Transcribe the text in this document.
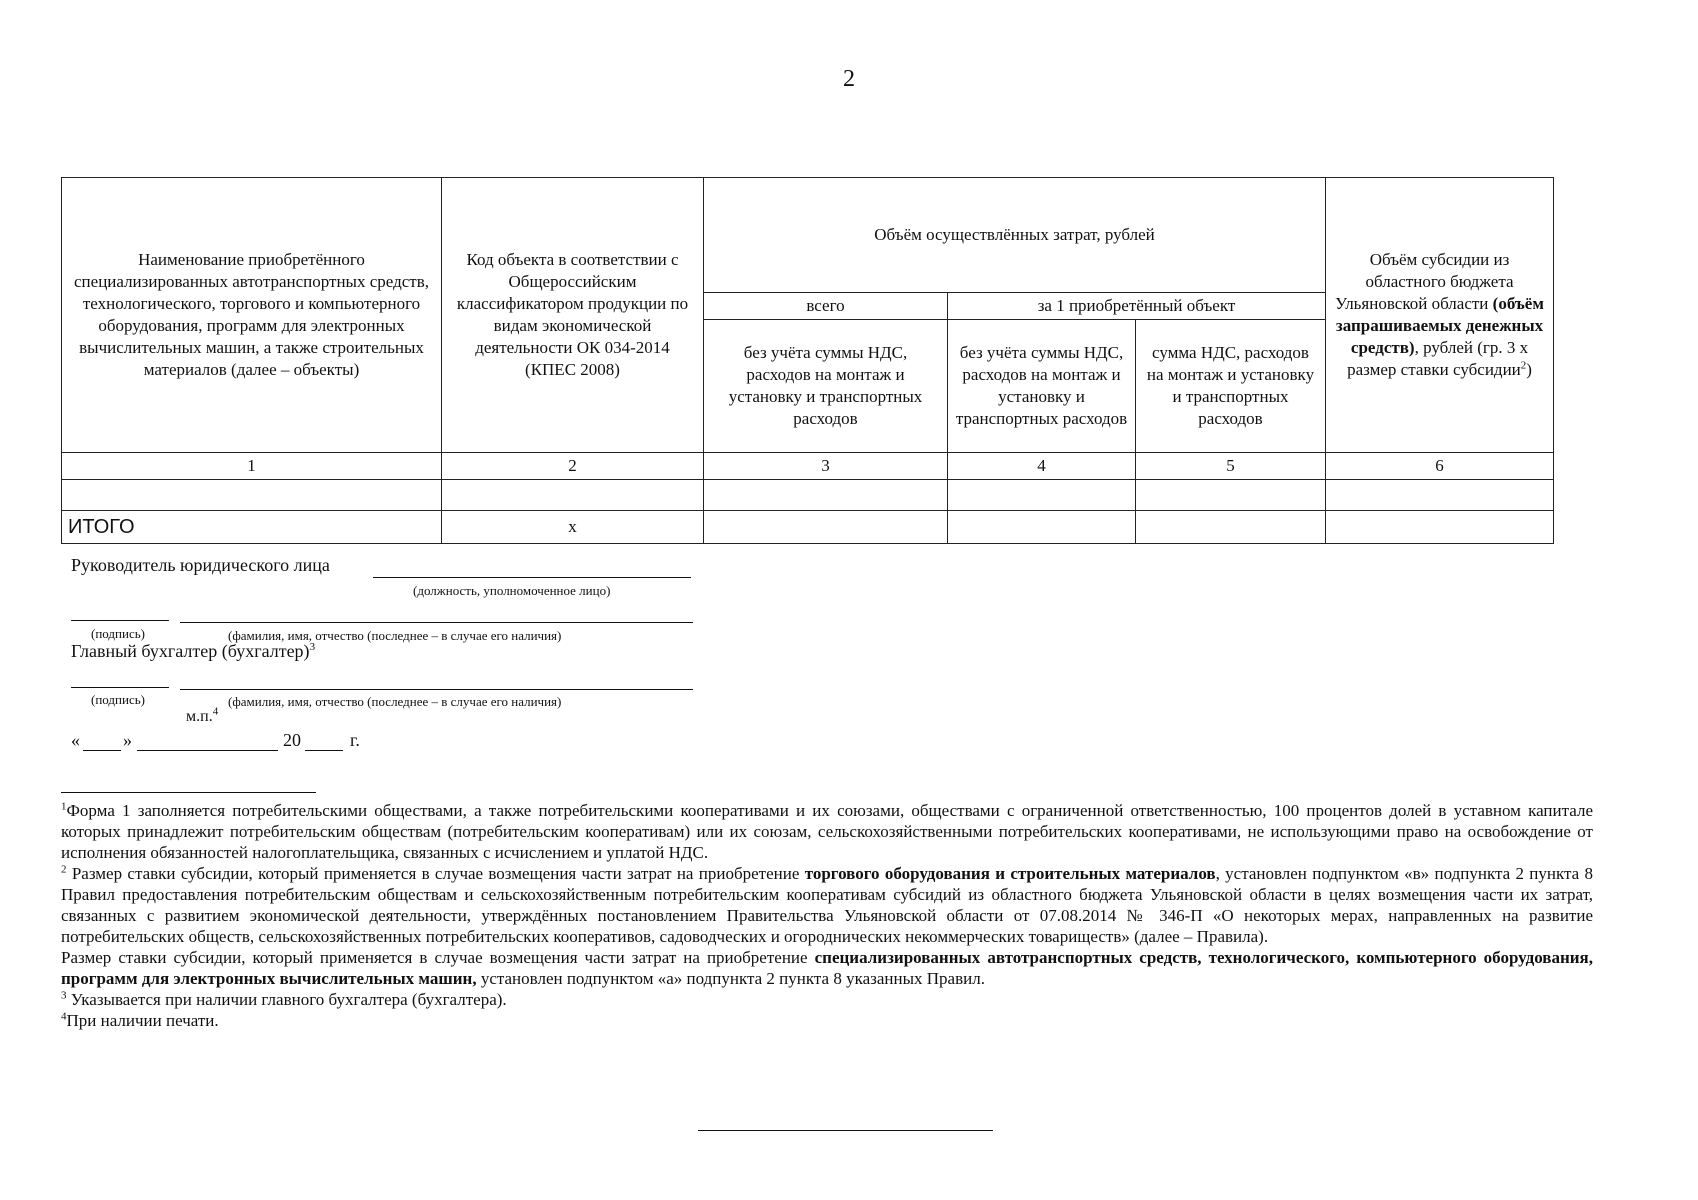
2
Наименование приобретённого специализированных автотранспортных средств, технологического, торгового и компьютерного оборудования, программ для электронных вычислительных машин, а также строительных материалов (далее – объекты)	Код объекта в соответствии с Общероссийским классификатором продукции по видам экономической деятельности ОК 034-2014 (КПЕС 2008)	Объём осуществлённых затрат, рублей			Объём субсидии из областного бюджета Ульяновской области (объём запрашиваемых денежных средств), рублей (гр. 3 х размер ставки субсидии$^2$)
		всего	за 1 приобретённый объект		
		без учёта суммы НДС, расходов на монтаж и установку и транспортных расходов	без учёта суммы НДС, расходов на монтаж и установку и транспортных расходов	сумма НДС, расходов на монтаж и установку и транспортных расходов	
1	2	3	4	5	6

ИТОГО	x				
Руководитель юридического лица
(должность, уполномоченное лицо)
(подпись)	(фамилия, имя, отчество (последнее – в случае его наличия)
Главный бухгалтер (бухгалтер)$^3$
(подпись)	(фамилия, имя, отчество (последнее – в случае его наличия)
м.п.$^4$
« »	20	г.

$^1$Форма 1 заполняется потребительскими обществами, а также потребительскими кооперативами и их союзами, обществами с ограниченной ответственностью, 100 процентов долей в уставном капитале которых принадлежит потребительским обществам (потребительским кооперативам) или их союзам, сельскохозяйственными потребительских кооперативами, не использующими право на освобождение от исполнения обязанностей налогоплательщика, связанных с исчислением и уплатой НДС.

$^2$ Размер ставки субсидии, который применяется в случае возмещения части затрат на приобретение торгового оборудования и строительных материалов, установлен подпунктом «в» подпункта 2 пункта 8 Правил предоставления потребительским обществам и сельскохозяйственным потребительским кооперативам субсидий из областного бюджета Ульяновской области в целях возмещения части их затрат, связанных с развитием экономической деятельности, утверждённых постановлением Правительства Ульяновской области от 07.08.2014 № 346-П «О некоторых мерах, направленных на развитие потребительских обществ, сельскохозяйственных потребительских кооперативов, садоводческих и огороднических некоммерческих товариществ» (далее – Правила).

Размер ставки субсидии, который применяется в случае возмещения части затрат на приобретение специализированных автотранспортных средств, технологического, компьютерного оборудования, программ для электронных вычислительных машин, установлен подпунктом «а» подпункта 2 пункта 8 указанных Правил.

$^3$ Указывается при наличии главного бухгалтера (бухгалтера).

$^4$При наличии печати.
